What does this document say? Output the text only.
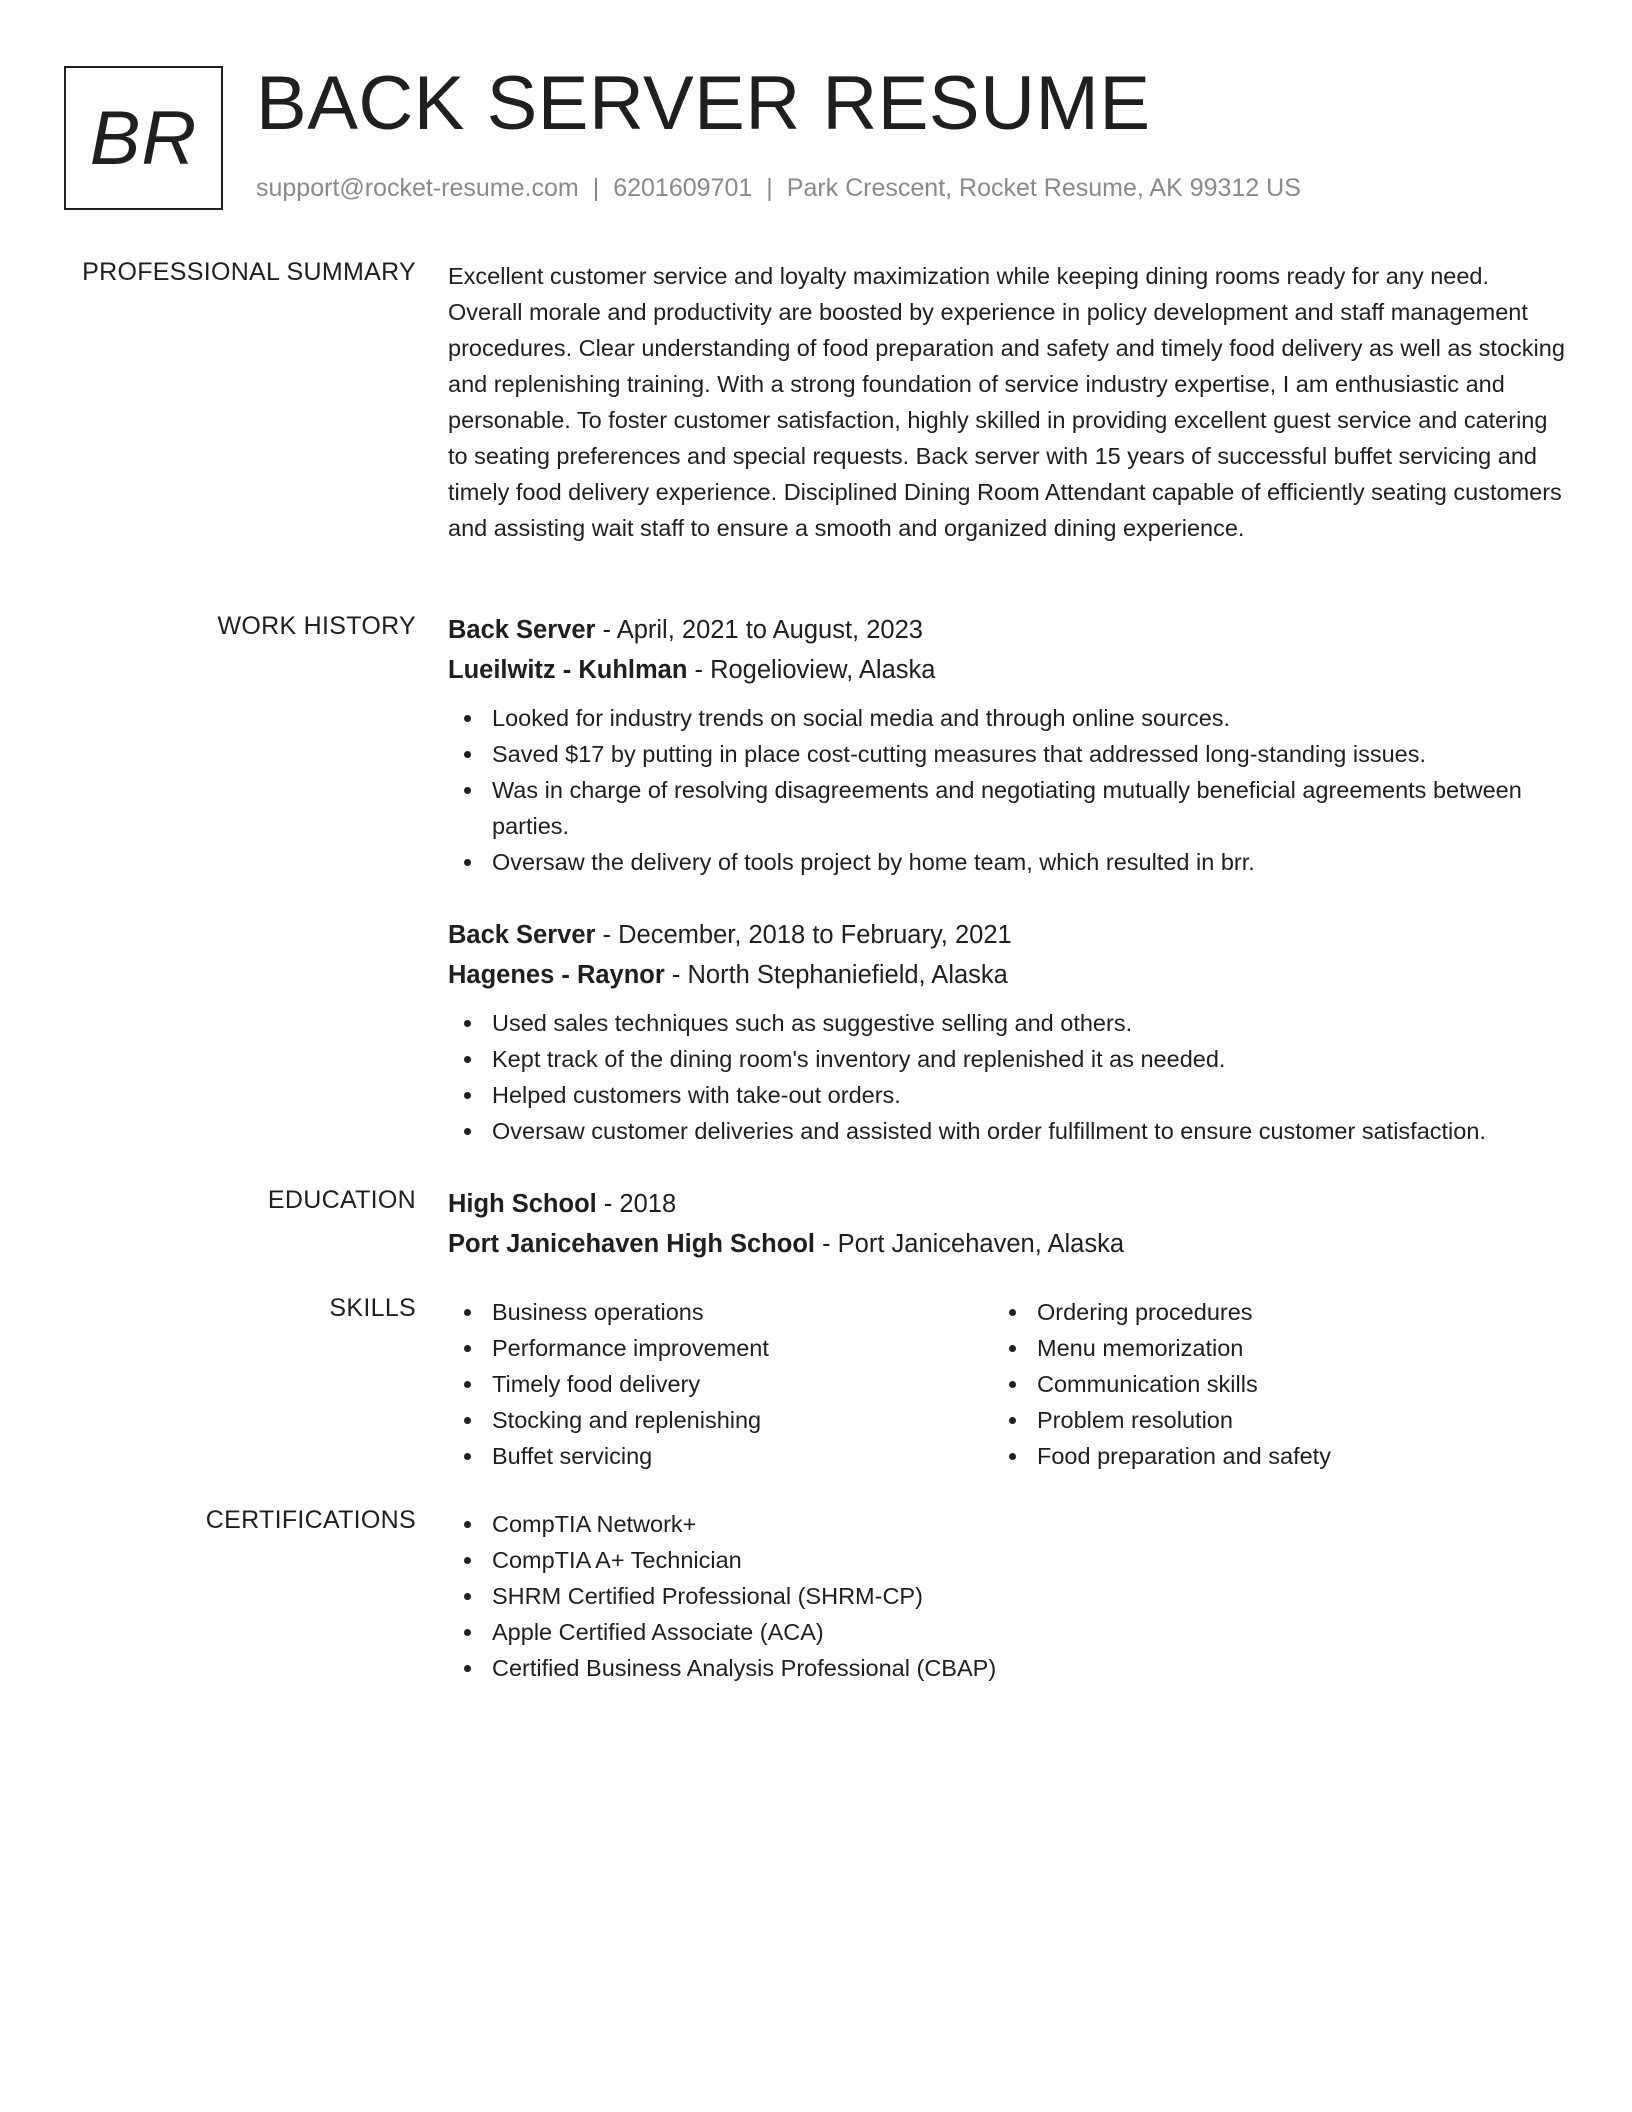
BR BACK SERVER RESUME
support@rocket-resume.com | 6201609701 | Park Crescent, Rocket Resume, AK 99312 US
PROFESSIONAL SUMMARY Excellent customer service and loyalty maximization while keeping dining rooms ready for any need. Overall morale and productivity are boosted by experience in policy development and staff management procedures. Clear understanding of food preparation and safety and timely food delivery as well as stocking and replenishing training. With a strong foundation of service industry expertise, I am enthusiastic and personable. To foster customer satisfaction, highly skilled in providing excellent guest service and catering to seating preferences and special requests. Back server with 15 years of successful buffet servicing and timely food delivery experience. Disciplined Dining Room Attendant capable of efficiently seating customers and assisting wait staff to ensure a smooth and organized dining experience.
WORK HISTORY Back Server - April, 2021 to August, 2023
Lueilwitz - Kuhlman - Rogelioview, Alaska
Looked for industry trends on social media and through online sources.
Saved $17 by putting in place cost-cutting measures that addressed long-standing issues.
Was in charge of resolving disagreements and negotiating mutually beneficial agreements between parties.
Oversaw the delivery of tools project by home team, which resulted in brr.
Back Server - December, 2018 to February, 2021
Hagenes - Raynor - North Stephaniefield, Alaska
Used sales techniques such as suggestive selling and others.
Kept track of the dining room's inventory and replenished it as needed.
Helped customers with take-out orders.
Oversaw customer deliveries and assisted with order fulfillment to ensure customer satisfaction.
EDUCATION High School - 2018
Port Janicehaven High School - Port Janicehaven, Alaska
SKILLS	Business operations
Performance improvement
Timely food delivery
Stocking and replenishing
Buffet servicing
Ordering procedures
Menu memorization
Communication skills
Problem resolution
Food preparation and safety
CERTIFICATIONS	CompTIA Network+
CompTIA A+ Technician
SHRM Certified Professional (SHRM-CP)
Apple Certified Associate (ACA)
Certified Business Analysis Professional (CBAP)
